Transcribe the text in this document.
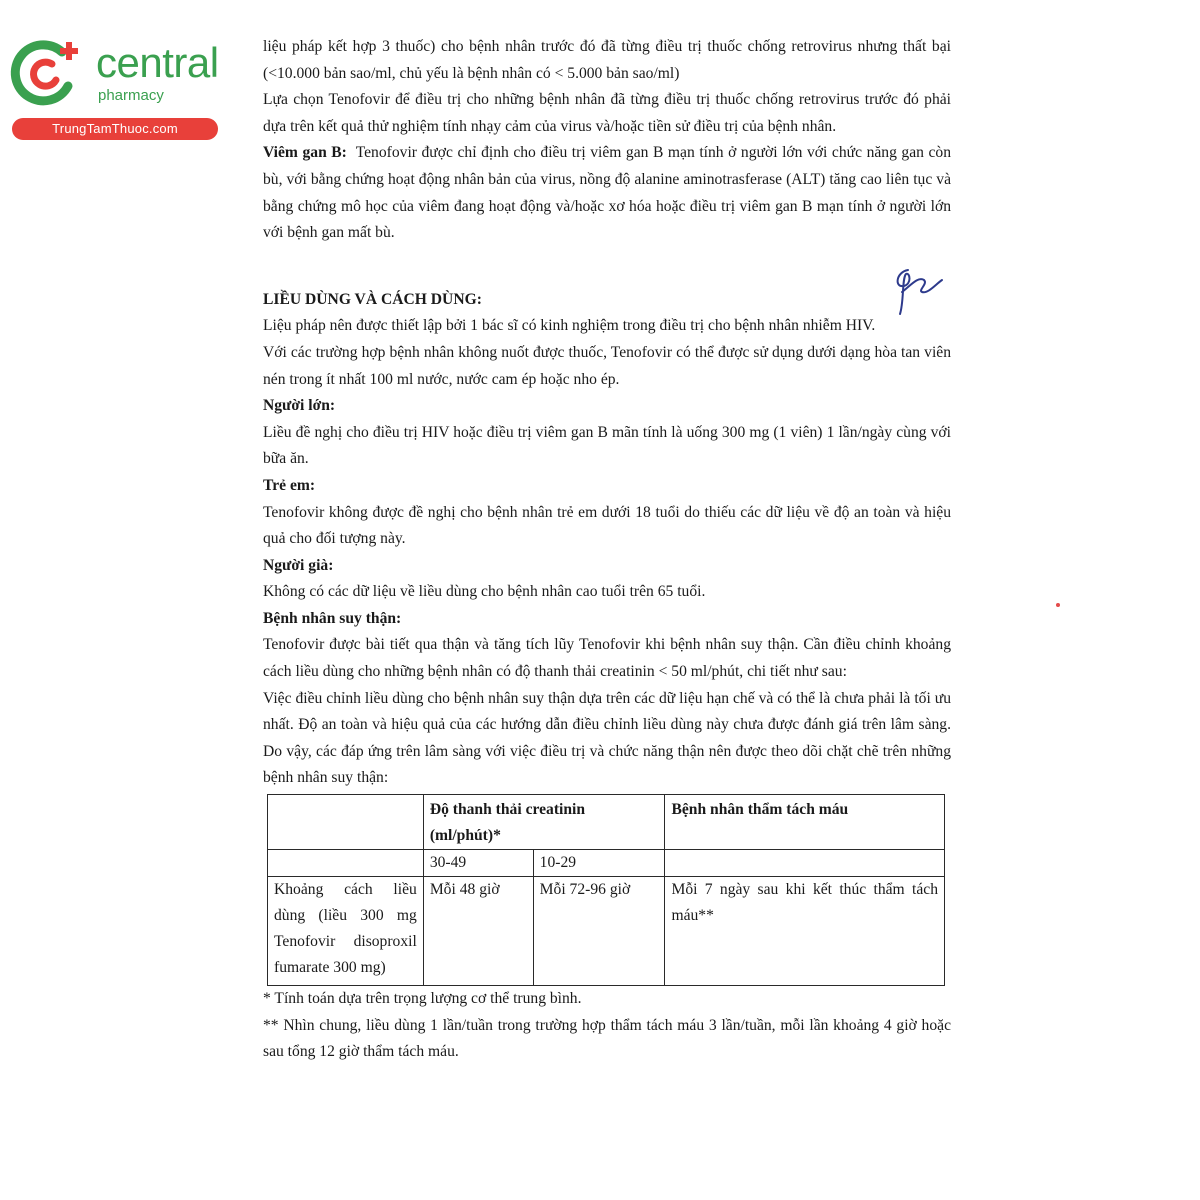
central
pharmacy
TrungTamThuoc.com

liệu pháp kết hợp 3 thuốc) cho bệnh nhân trước đó đã từng điều trị thuốc chống retrovirus nhưng thất bại (<10.000 bản sao/ml, chủ yếu là bệnh nhân có < 5.000 bản sao/ml)

Lựa chọn Tenofovir để điều trị cho những bệnh nhân đã từng điều trị thuốc chống retrovirus trước đó phải dựa trên kết quả thử nghiệm tính nhạy cảm của virus và/hoặc tiền sử điều trị của bệnh nhân.

Viêm gan B: Tenofovir được chỉ định cho điều trị viêm gan B mạn tính ở người lớn với chức năng gan còn bù, với bằng chứng hoạt động nhân bản của virus, nồng độ alanine aminotrasferase (ALT) tăng cao liên tục và bằng chứng mô học của viêm đang hoạt động và/hoặc xơ hóa hoặc điều trị viêm gan B mạn tính ở người lớn với bệnh gan mất bù.

LIỀU DÙNG VÀ CÁCH DÙNG:

Liệu pháp nên được thiết lập bởi 1 bác sĩ có kinh nghiệm trong điều trị cho bệnh nhân nhiễm HIV.

Với các trường hợp bệnh nhân không nuốt được thuốc, Tenofovir có thể được sử dụng dưới dạng hòa tan viên nén trong ít nhất 100 ml nước, nước cam ép hoặc nho ép.

Người lớn:

Liều đề nghị cho điều trị HIV hoặc điều trị viêm gan B mãn tính là uống 300 mg (1 viên) 1 lần/ngày cùng với bữa ăn.

Trẻ em:

Tenofovir không được đề nghị cho bệnh nhân trẻ em dưới 18 tuổi do thiếu các dữ liệu về độ an toàn và hiệu quả cho đối tượng này.

Người già:

Không có các dữ liệu về liều dùng cho bệnh nhân cao tuổi trên 65 tuổi.

Bệnh nhân suy thận:

Tenofovir được bài tiết qua thận và tăng tích lũy Tenofovir khi bệnh nhân suy thận. Cần điều chỉnh khoảng cách liều dùng cho những bệnh nhân có độ thanh thải creatinin < 50 ml/phút, chi tiết như sau:

Việc điều chỉnh liều dùng cho bệnh nhân suy thận dựa trên các dữ liệu hạn chế và có thể là chưa phải là tối ưu nhất. Độ an toàn và hiệu quả của các hướng dẫn điều chỉnh liều dùng này chưa được đánh giá trên lâm sàng. Do vậy, các đáp ứng trên lâm sàng với việc điều trị và chức năng thận nên được theo dõi chặt chẽ trên những bệnh nhân suy thận:

	Độ thanh thải creatinin (ml/phút)*		Bệnh nhân thẩm tách máu
	30-49	10-29	
Khoảng cách liều dùng (liều 300 mg Tenofovir disoproxil fumarate 300 mg)	Mỗi 48 giờ	Mỗi 72-96 giờ	Mỗi 7 ngày sau khi kết thúc thẩm tách máu**

* Tính toán dựa trên trọng lượng cơ thể trung bình.

** Nhìn chung, liều dùng 1 lần/tuần trong trường hợp thẩm tách máu 3 lần/tuần, mỗi lần khoảng 4 giờ hoặc sau tổng 12 giờ thẩm tách máu.
